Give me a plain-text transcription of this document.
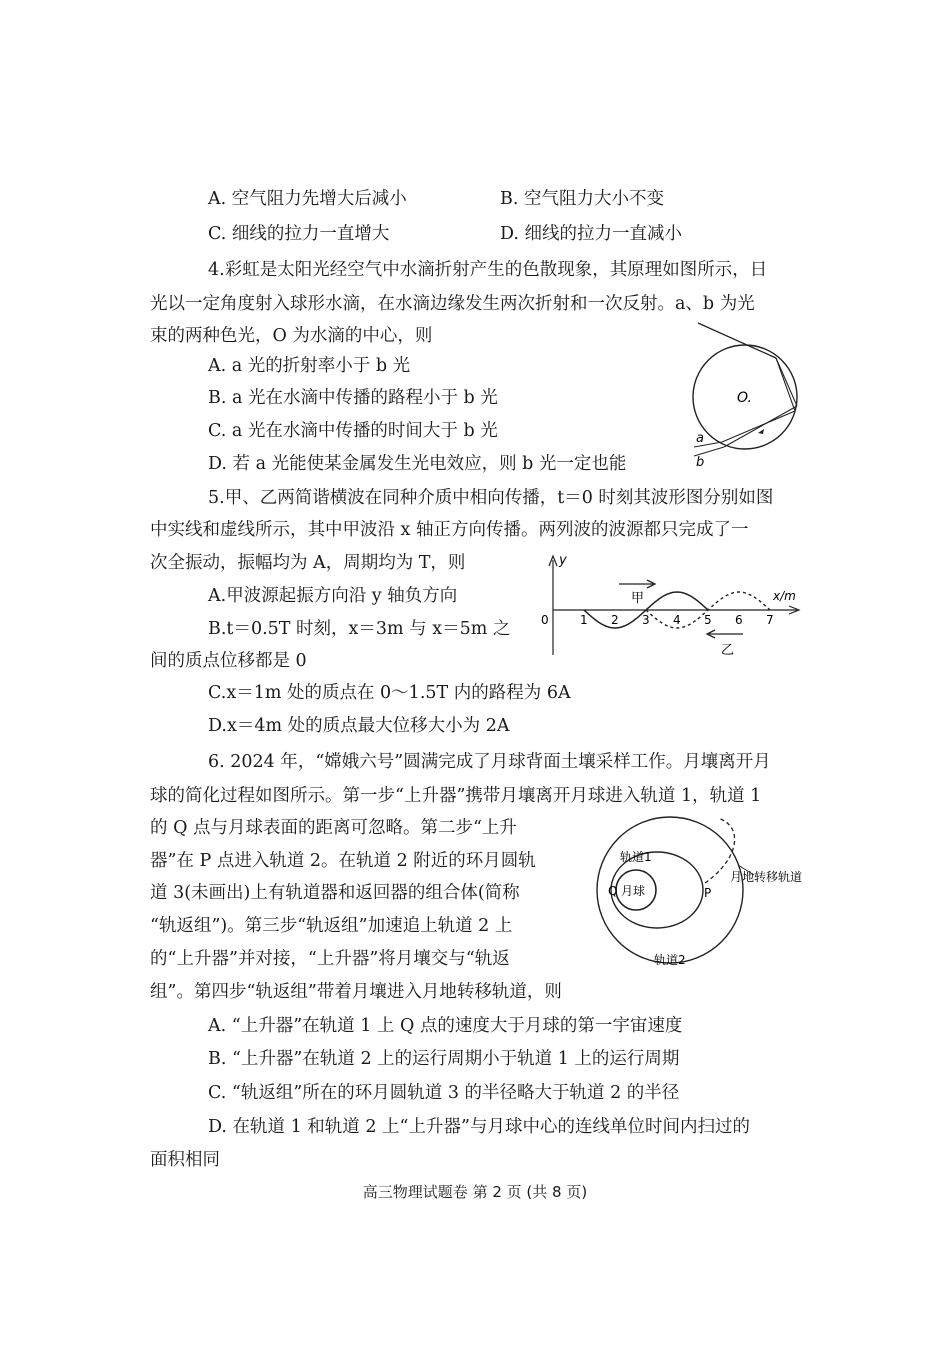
A. 空气阻力先增大后减小	B. 空气阻力大小不变
C. 细线的拉力一直增大	D. 细线的拉力一直减小
4.彩虹是太阳光经空气中水滴折射产生的色散现象，其原理如图所示，日
光以一定角度射入球形水滴，在水滴边缘发生两次折射和一次反射。a、b 为光
束的两种色光，O 为水滴的中心，则
A. a 光的折射率小于 b 光
B. a 光在水滴中传播的路程小于 b 光
C. a 光在水滴中传播的时间大于 b 光
D. 若 a 光能使某金属发生光电效应，则 b 光一定也能
O.
a
b
5.甲、乙两简谐横波在同种介质中相向传播，t＝0 时刻其波形图分别如图
中实线和虚线所示，其中甲波沿 x 轴正方向传播。两列波的波源都只完成了一
次全振动，振幅均为 A，周期均为 T，则
A.甲波源起振方向沿 y 轴负方向
B.t＝0.5T 时刻，x＝3m 与 x＝5m 之
间的质点位移都是 0
C.x＝1m 处的质点在 0～1.5T 内的路程为 6A
D.x＝4m 处的质点最大位移大小为 2A
y
x/m
0	1 2 3 4 5 6 7
甲
乙
6. 2024 年，“嫦娥六号”圆满完成了月球背面土壤采样工作。月壤离开月
球的简化过程如图所示。第一步“上升器”携带月壤离开月球进入轨道 1，轨道 1
的 Q 点与月球表面的距离可忽略。第二步“上升
器”在 P 点进入轨道 2。在轨道 2 附近的环月圆轨
道 3(未画出)上有轨道器和返回器的组合体(简称
“轨返组”)。第三步“轨返组”加速追上轨道 2 上
的“上升器”并对接，“上升器”将月壤交与“轨返
组”。第四步“轨返组”带着月壤进入月地转移轨道，则
A. “上升器”在轨道 1 上 Q 点的速度大于月球的第一宇宙速度
B. “上升器”在轨道 2 上的运行周期小于轨道 1 上的运行周期
C. “轨返组”所在的环月圆轨道 3 的半径略大于轨道 2 的半径
D. 在轨道 1 和轨道 2 上“上升器”与月球中心的连线单位时间内扫过的
面积相同
月球
Q	P
轨道1
轨道2
月地转移轨道
高三物理试题卷 第 2 页 (共 8 页)
